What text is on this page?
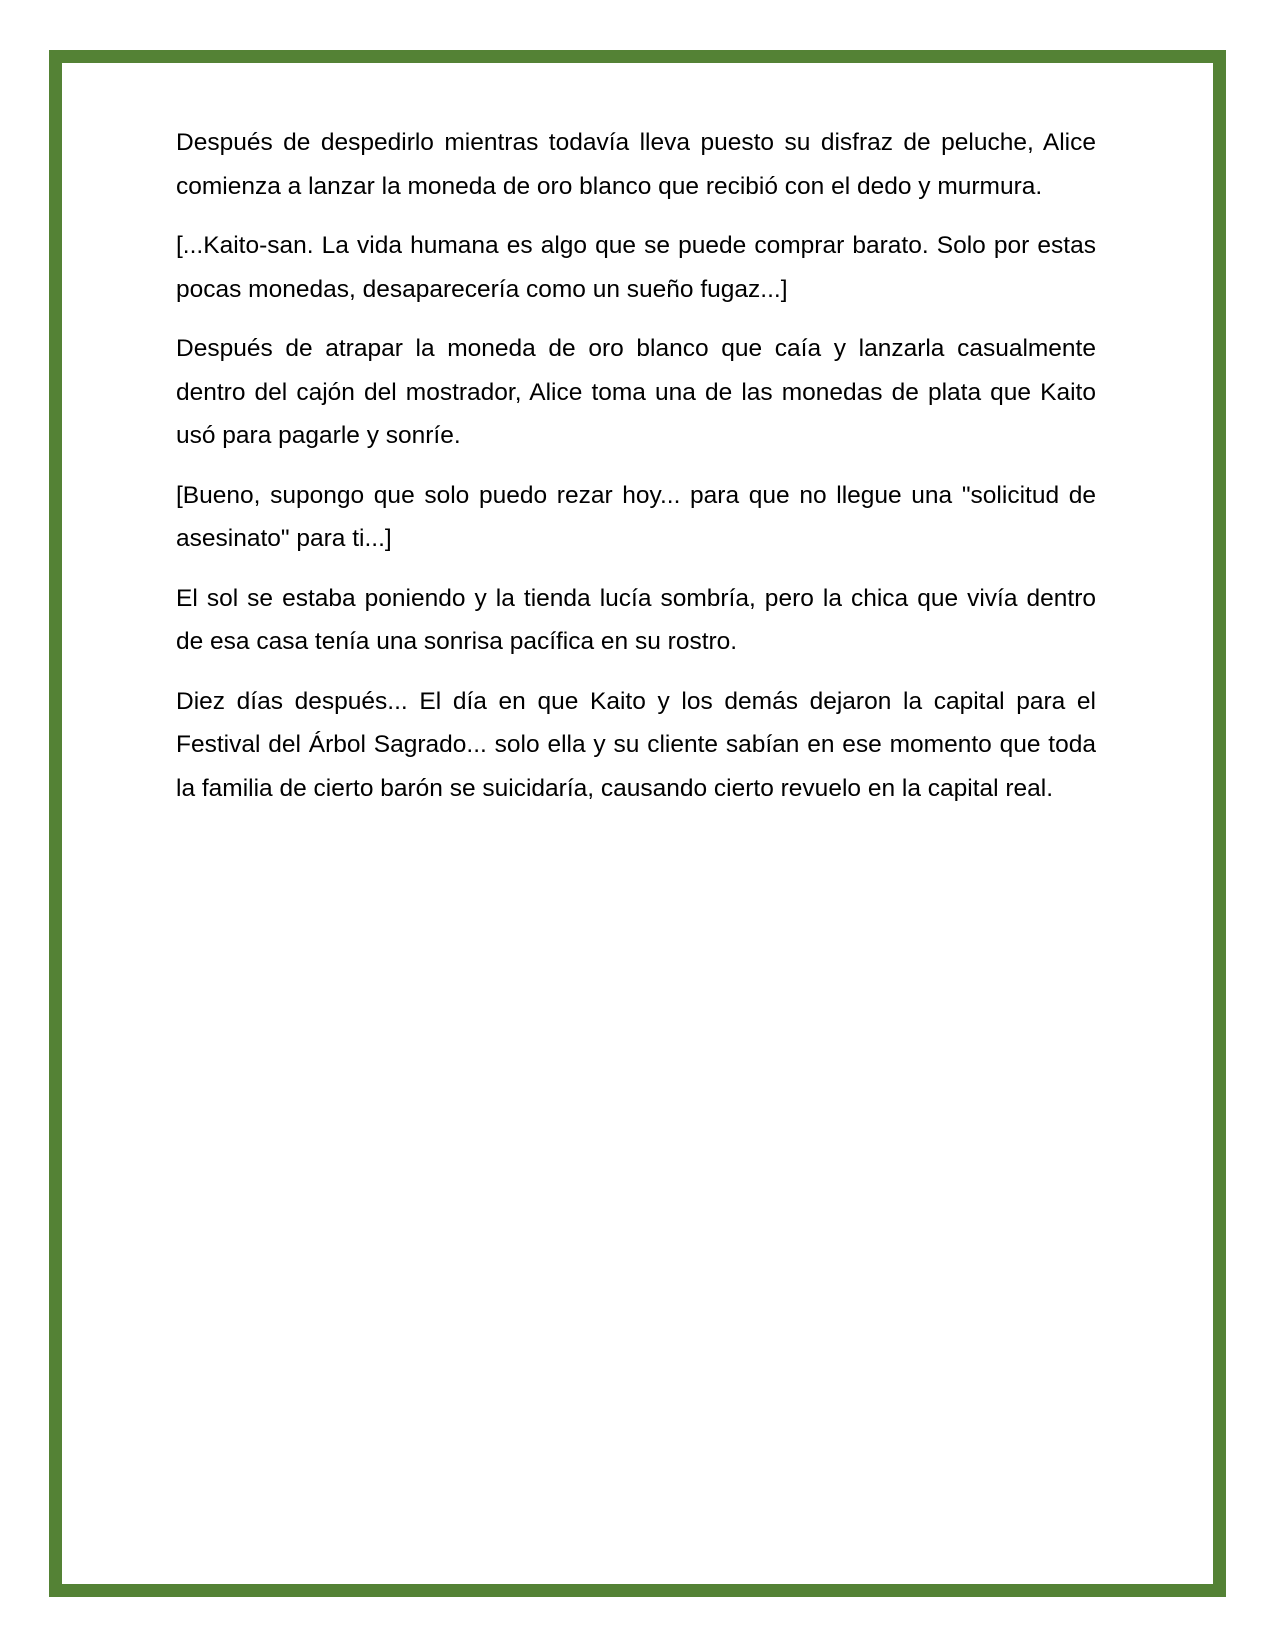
Después de despedirlo mientras todavía lleva puesto su disfraz de peluche, Alice comienza a lanzar la moneda de oro blanco que recibió con el dedo y murmura.

[...Kaito-san. La vida humana es algo que se puede comprar barato. Solo por estas pocas monedas, desaparecería como un sueño fugaz...]

Después de atrapar la moneda de oro blanco que caía y lanzarla casualmente dentro del cajón del mostrador, Alice toma una de las monedas de plata que Kaito usó para pagarle y sonríe.

[Bueno, supongo que solo puedo rezar hoy... para que no llegue una "solicitud de asesinato" para ti...]

El sol se estaba poniendo y la tienda lucía sombría, pero la chica que vivía dentro de esa casa tenía una sonrisa pacífica en su rostro.

Diez días después... El día en que Kaito y los demás dejaron la capital para el Festival del Árbol Sagrado... solo ella y su cliente sabían en ese momento que toda la familia de cierto barón se suicidaría, causando cierto revuelo en la capital real.
